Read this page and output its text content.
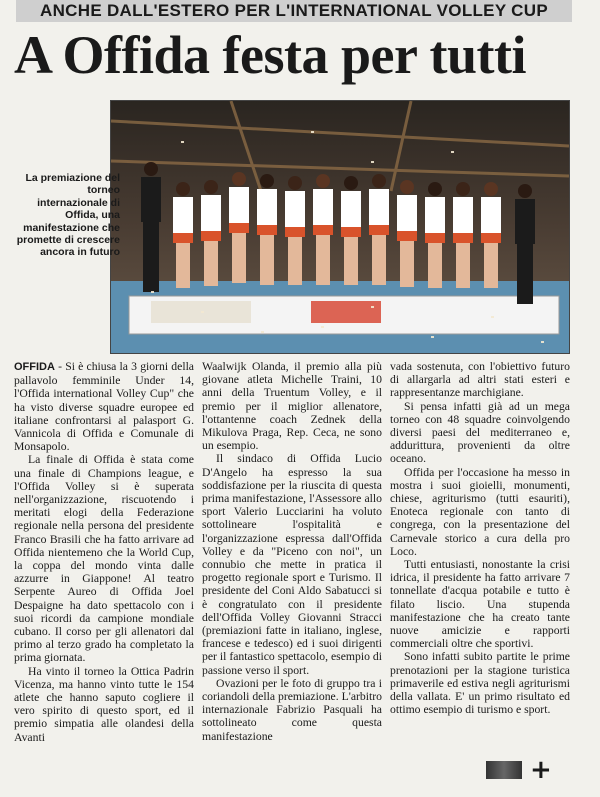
ANCHE DALL'ESTERO PER L'INTERNATIONAL VOLLEY CUP
A Offida festa per tutti
La premiazione del torneo internazionale di Offida, una manifestazione che promette di crescere ancora in futuro

OFFIDA - Si è chiusa la 3 giorni della pallavolo femminile Under 14, l'Offida international Volley Cup" che ha visto diverse squadre europee ed italiane confrontarsi al palasport G. Vannicola di Offida e Comunale di Monsapolo.

La finale di Offida è stata come una finale di Champions league, e l'Offida Volley si è superata nell'organizzazione, riscuotendo i meritati elogi della Federazione regionale nella persona del presidente Franco Brasili che ha fatto arrivare ad Offida nientemeno che la World Cup, la coppa del mondo vinta dalle azzurre in Giappone! Al teatro Serpente Aureo di Offida Joel Despaigne ha dato spettacolo con i suoi ricordi da campione mondiale cubano. Il corso per gli allenatori dal primo al terzo grado ha completato la prima giornata.

Ha vinto il torneo la Ottica Padrin Vicenza, ma hanno vinto tutte le 154 atlete che hanno saputo cogliere il vero spirito di questo sport, ed il premio simpatia alle olandesi della Avanti

Waalwijk Olanda, il premio alla più giovane atleta Michelle Traini, 10 anni della Truentum Volley, e il premio per il miglior allenatore, l'ottantenne coach Zednek della Mikulova Praga, Rep. Ceca, ne sono un esempio.

Il sindaco di Offida Lucio D'Angelo ha espresso la sua soddisfazione per la riuscita di questa prima manifestazione, l'Assessore allo sport Valerio Lucciarini ha voluto sottolineare l'ospitalità e l'organizzazione espressa dall'Offida Volley e da "Piceno con noi", un connubio che mette in pratica il progetto regionale sport e Turismo. Il presidente del Coni Aldo Sabatucci si è congratulato con il presidente dell'Offida Volley Giovanni Stracci (premiazioni fatte in italiano, inglese, francese e tedesco) ed i suoi dirigenti per il fantastico spettacolo, esempio di passione verso il sport.

Ovazioni per le foto di gruppo tra i coriandoli della premiazione. L'arbitro internazionale Fabrizio Pasquali ha sottolineato come questa manifestazione

vada sostenuta, con l'obiettivo futuro di allargarla ad altri stati esteri e rappresentanze marchigiane.

Si pensa infatti già ad un mega torneo con 48 squadre coinvolgendo diversi paesi del mediterraneo e, addurittura, provenienti da oltre oceano.

Offida per l'occasione ha messo in mostra i suoi gioielli, monumenti, chiese, agriturismo (tutti esauriti), Enoteca regionale con tanto di congrega, con la presentazione del Carnevale storico a cura della pro Loco.

Tutti entusiasti, nonostante la crisi idrica, il presidente ha fatto arrivare 7 tonnellate d'acqua potabile e tutto è filato liscio. Una stupenda manifestazione che ha creato tante nuove amicizie e rapporti commerciali oltre che sportivi.

Sono infatti subito partite le prime prenotazioni per la stagione turistica primaverile ed estiva negli agriturismi della vallata. E' un primo risultato ed ottimo esempio di turismo e sport.

+
